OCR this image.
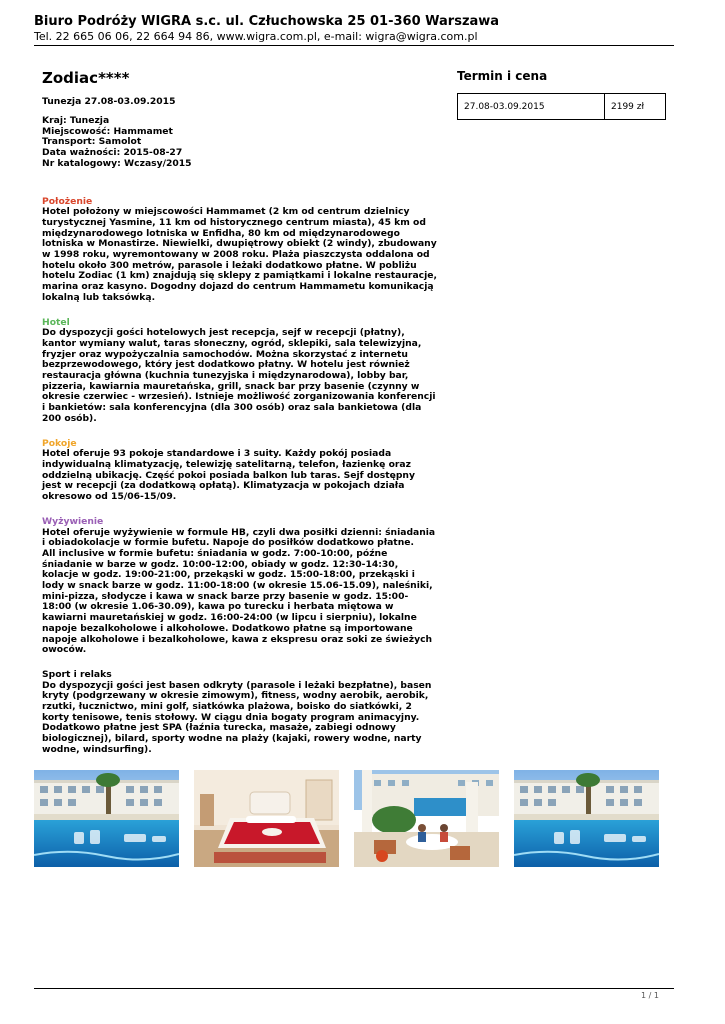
Biuro Podróży WIGRA s.c. ul. Człuchowska 25 01-360 Warszawa
Tel. 22 665 06 06, 22 664 94 86, www.wigra.com.pl, e-mail: wigra@wigra.com.pl
Zodiac****
Tunezja 27.08-03.09.2015
Kraj: Tunezja
Miejscowość: Hammamet
Transport: Samolot
Data ważności: 2015-08-27
Nr katalogowy: Wczasy/2015
Położenie
Hotel położony w miejscowości Hammamet (2 km od centrum dzielnicy turystycznej Yasmine, 11 km od historycznego centrum miasta), 45 km od międzynarodowego lotniska w Enfidha, 80 km od międzynarodowego lotniska w Monastirze. Niewielki, dwupiętrowy obiekt (2 windy), zbudowany w 1998 roku, wyremontowany w 2008 roku. Plaża piaszczysta oddalona od hotelu około 300 metrów, parasole i leżaki dodatkowo płatne. W pobliżu hotelu Zodiac (1 km) znajdują się sklepy z pamiątkami i lokalne restauracje, marina oraz kasyno. Dogodny dojazd do centrum Hammametu komunikacją lokalną lub taksówką.
Hotel
Do dyspozycji gości hotelowych jest recepcja, sejf w recepcji (płatny), kantor wymiany walut, taras słoneczny, ogród, sklepiki, sala telewizyjna, fryzjer oraz wypożyczalnia samochodów. Można skorzystać z internetu bezprzewodowego, który jest dodatkowo płatny. W hotelu jest również restauracja główna (kuchnia tunezyjska i międzynarodowa), lobby bar, pizzeria, kawiarnia mauretańska, grill, snack bar przy basenie (czynny w okresie czerwiec - wrzesień). Istnieje możliwość zorganizowania konferencji i bankietów: sala konferencyjna (dla 300 osób) oraz sala bankietowa (dla 200 osób).
Pokoje
Hotel oferuje 93 pokoje standardowe i 3 suity. Każdy pokój posiada indywidualną klimatyzację, telewizję satelitarną, telefon, łazienkę oraz oddzielną ubikację. Część pokoi posiada balkon lub taras. Sejf dostępny jest w recepcji (za dodatkową opłatą). Klimatyzacja w pokojach działa okresowo od 15/06-15/09.
Wyżywienie
Hotel oferuje wyżywienie w formule HB, czyli dwa posiłki dzienni: śniadania i obiadokolacje w formie bufetu. Napoje do posiłków dodatkowo płatne.
All inclusive w formie bufetu: śniadania w godz. 7:00-10:00, późne śniadanie w barze w godz. 10:00-12:00, obiady w godz. 12:30-14:30, kolacje w godz. 19:00-21:00, przekąski w godz. 15:00-18:00, przekąski i lody w snack barze w godz. 11:00-18:00 (w okresie 15.06-15.09), naleśniki, mini-pizza, słodycze i kawa w snack barze przy basenie w godz. 15:00-18:00 (w okresie 1.06-30.09), kawa po turecku i herbata miętowa w kawiarni mauretańskiej w godz. 16:00-24:00 (w lipcu i sierpniu), lokalne napoje bezalkoholowe i alkoholowe. Dodatkowo płatne są importowane napoje alkoholowe i bezalkoholowe, kawa z ekspresu oraz soki ze świeżych owoców.
Sport i relaks
Do dyspozycji gości jest basen odkryty (parasole i leżaki bezpłatne), basen kryty (podgrzewany w okresie zimowym), fitness, wodny aerobik, aerobik, rzutki, łucznictwo, mini golf, siatkówka plażowa, boisko do siatkówki, 2 korty tenisowe, tenis stołowy. W ciągu dnia bogaty program animacyjny. Dodatkowo płatne jest SPA (łaźnia turecka, masaże, zabiegi odnowy biologicznej), bilard, sporty wodne na plaży (kajaki, rowery wodne, narty wodne, windsurfing).
Termin i cena
27.08-03.09.2015	2199 zł
1 / 1
